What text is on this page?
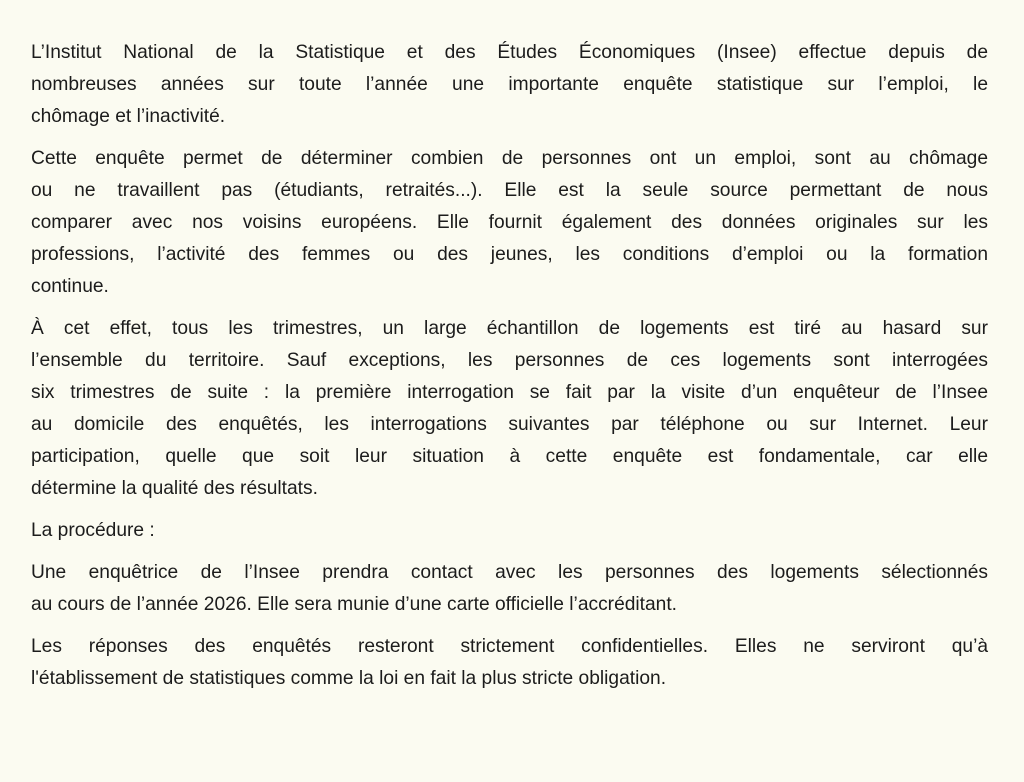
L’Institut National de la Statistique et des Études Économiques (Insee) effectue depuis de
nombreuses années sur toute l’année une importante enquête statistique sur l’emploi, le
chômage et l’inactivité.
Cette enquête permet de déterminer combien de personnes ont un emploi, sont au chômage
ou ne travaillent pas (étudiants, retraités...). Elle est la seule source permettant de nous
comparer avec nos voisins européens. Elle fournit également des données originales sur les
professions, l’activité des femmes ou des jeunes, les conditions d’emploi ou la formation
continue.
À cet effet, tous les trimestres, un large échantillon de logements est tiré au hasard sur
l’ensemble du territoire. Sauf exceptions, les personnes de ces logements sont interrogées
six trimestres de suite : la première interrogation se fait par la visite d’un enquêteur de l’Insee
au domicile des enquêtés, les interrogations suivantes par téléphone ou sur Internet. Leur
participation, quelle que soit leur situation à cette enquête est fondamentale, car elle
détermine la qualité des résultats.
La procédure :
Une enquêtrice de l’Insee prendra contact avec les personnes des logements sélectionnés
au cours de l’année 2026. Elle sera munie d’une carte officielle l’accréditant.
Les réponses des enquêtés resteront strictement confidentielles. Elles ne serviront qu’à
l'établissement de statistiques comme la loi en fait la plus stricte obligation.
